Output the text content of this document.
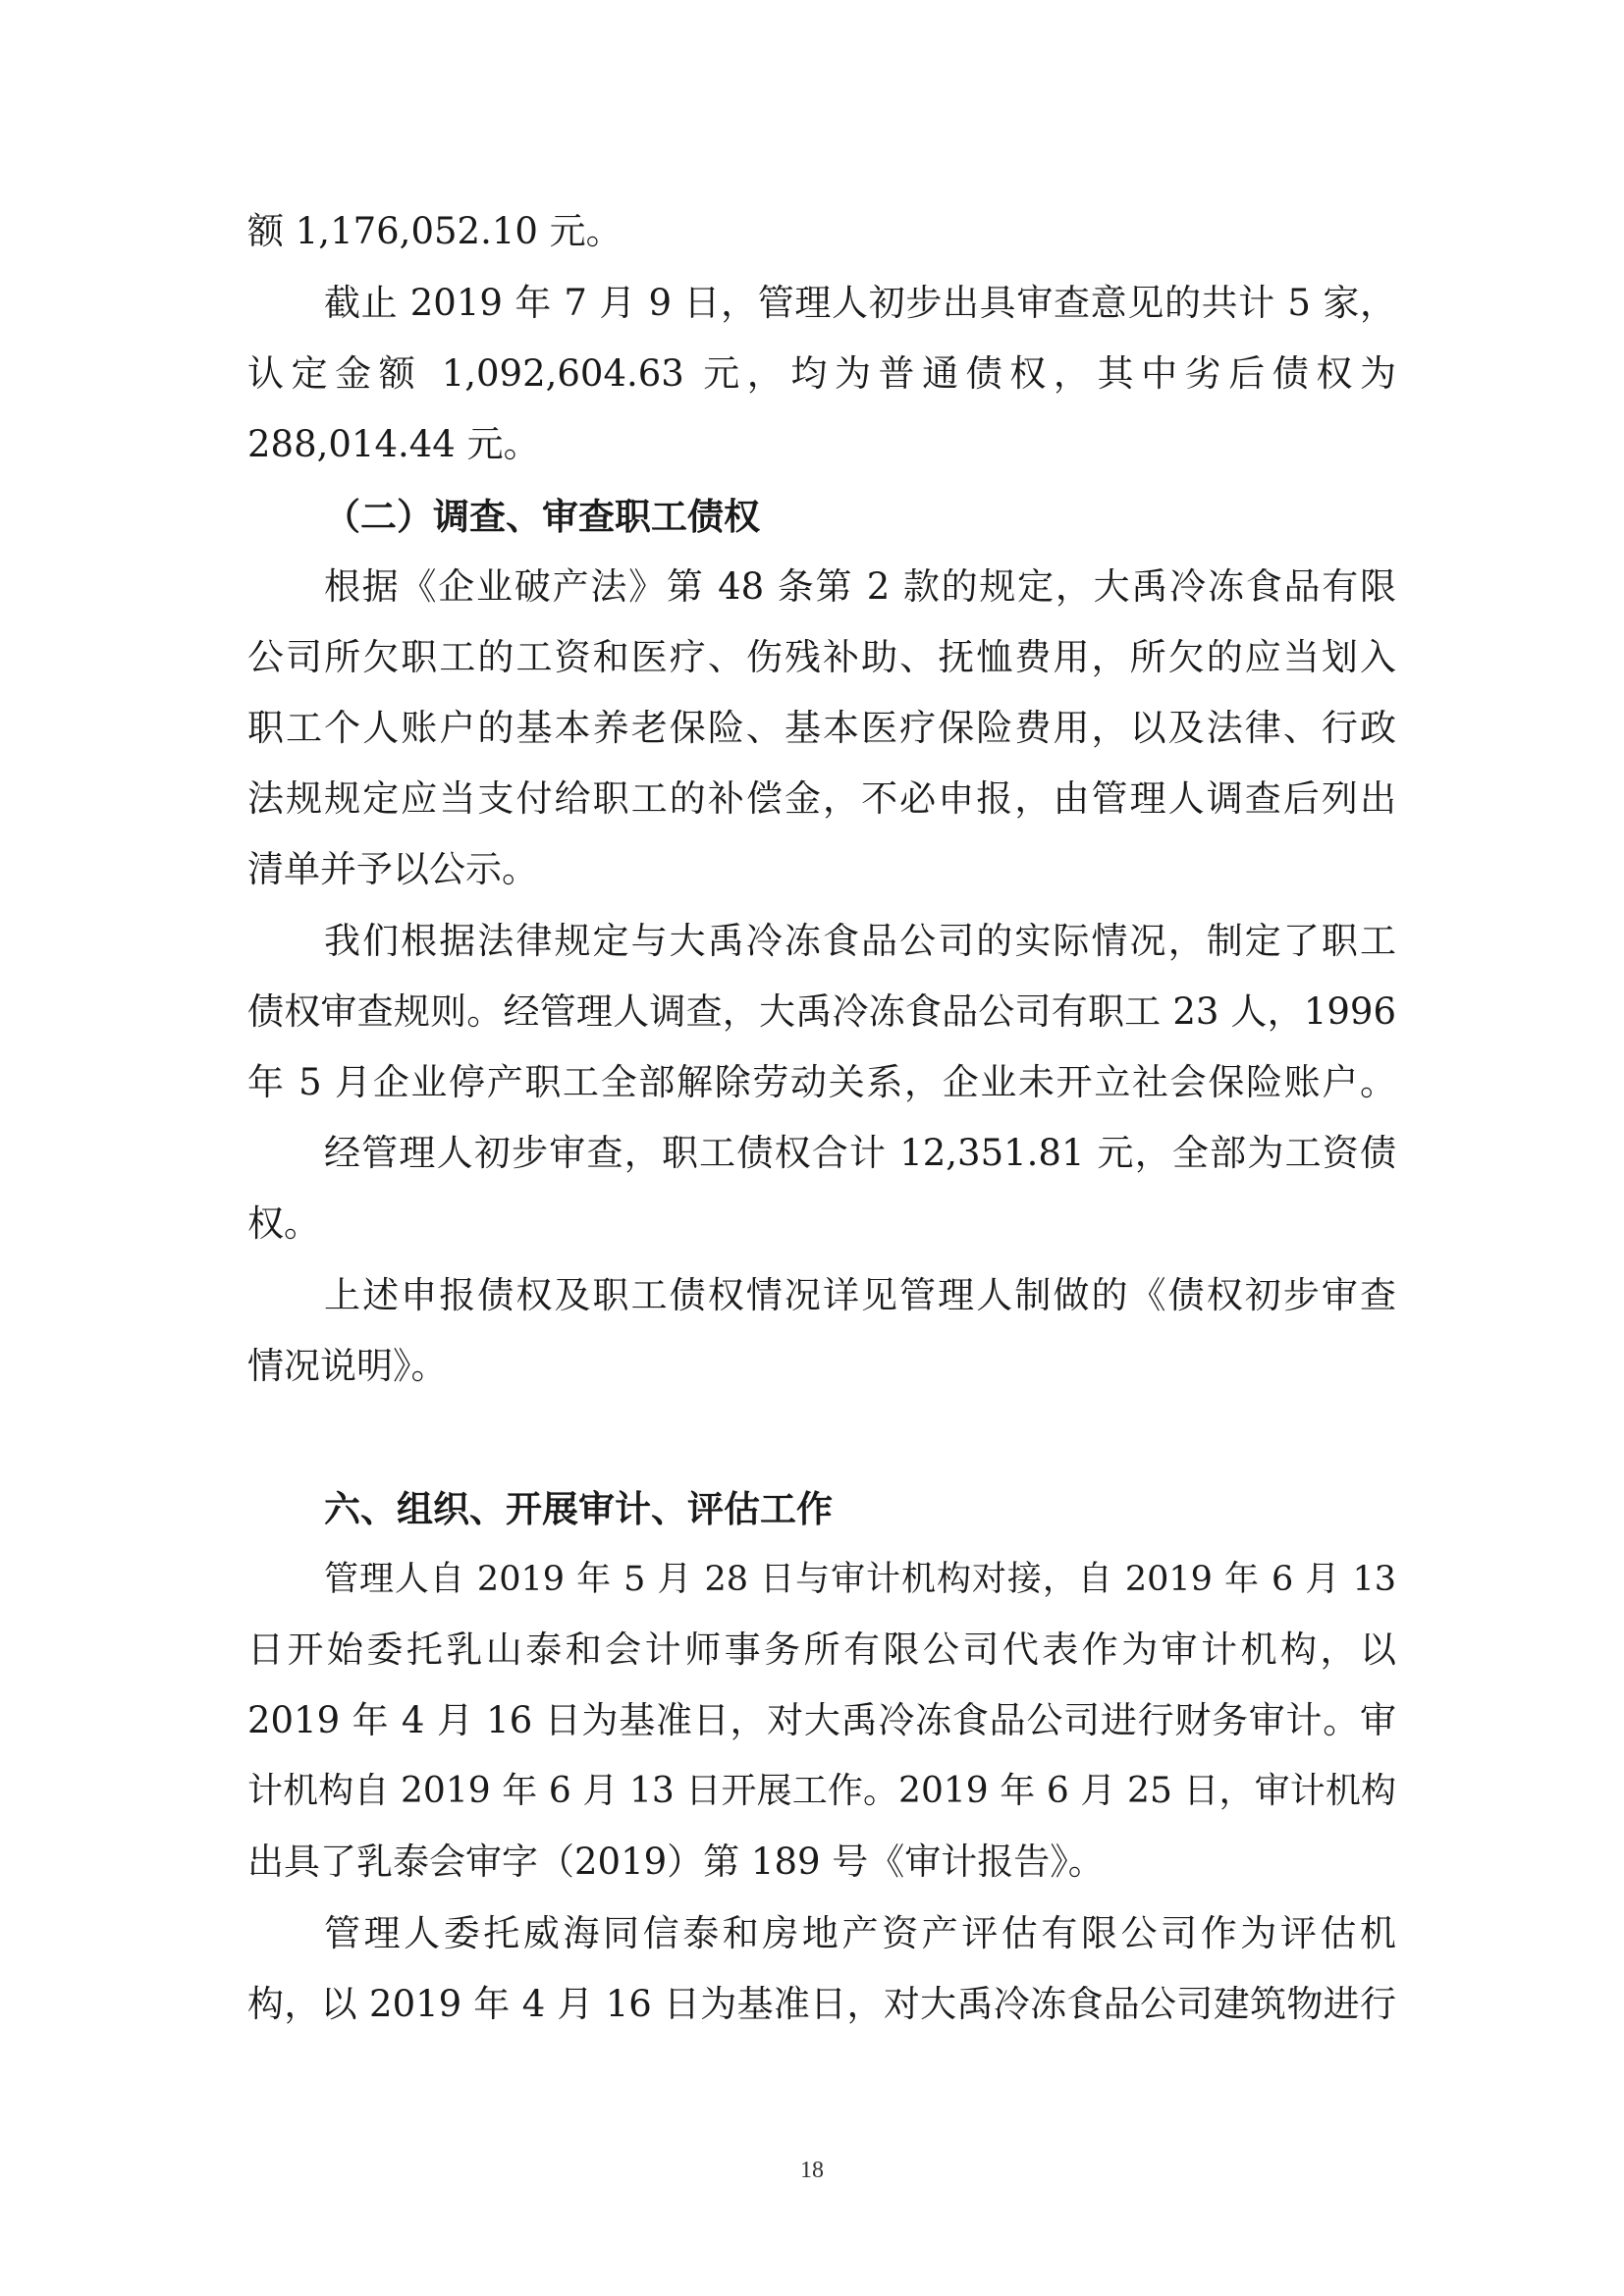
额 1,176,052.10 元。
截止 2019 年 7 月 9 日，管理人初步出具审查意见的共计 5 家，
认定金额 1,092,604.63 元，均为普通债权，其中劣后债权为
288,014.44 元。
（二）调查、审查职工债权
根据《企业破产法》第 48 条第 2 款的规定，大禹冷冻食品有限
公司所欠职工的工资和医疗、伤残补助、抚恤费用，所欠的应当划入
职工个人账户的基本养老保险、基本医疗保险费用，以及法律、行政
法规规定应当支付给职工的补偿金，不必申报，由管理人调查后列出
清单并予以公示。
我们根据法律规定与大禹冷冻食品公司的实际情况，制定了职工
债权审查规则。经管理人调查，大禹冷冻食品公司有职工 23 人，1996
年 5 月企业停产职工全部解除劳动关系，企业未开立社会保险账户。
经管理人初步审查，职工债权合计 12,351.81 元，全部为工资债
权。
上述申报债权及职工债权情况详见管理人制做的《债权初步审查
情况说明》。
六、组织、开展审计、评估工作
管理人自 2019 年 5 月 28 日与审计机构对接，自 2019 年 6 月 13
日开始委托乳山泰和会计师事务所有限公司代表作为审计机构，以
2019 年 4 月 16 日为基准日，对大禹冷冻食品公司进行财务审计。审
计机构自 2019 年 6 月 13 日开展工作。2019 年 6 月 25 日，审计机构
出具了乳泰会审字（2019）第 189 号《审计报告》。
管理人委托威海同信泰和房地产资产评估有限公司作为评估机
构，以 2019 年 4 月 16 日为基准日，对大禹冷冻食品公司建筑物进行
18
